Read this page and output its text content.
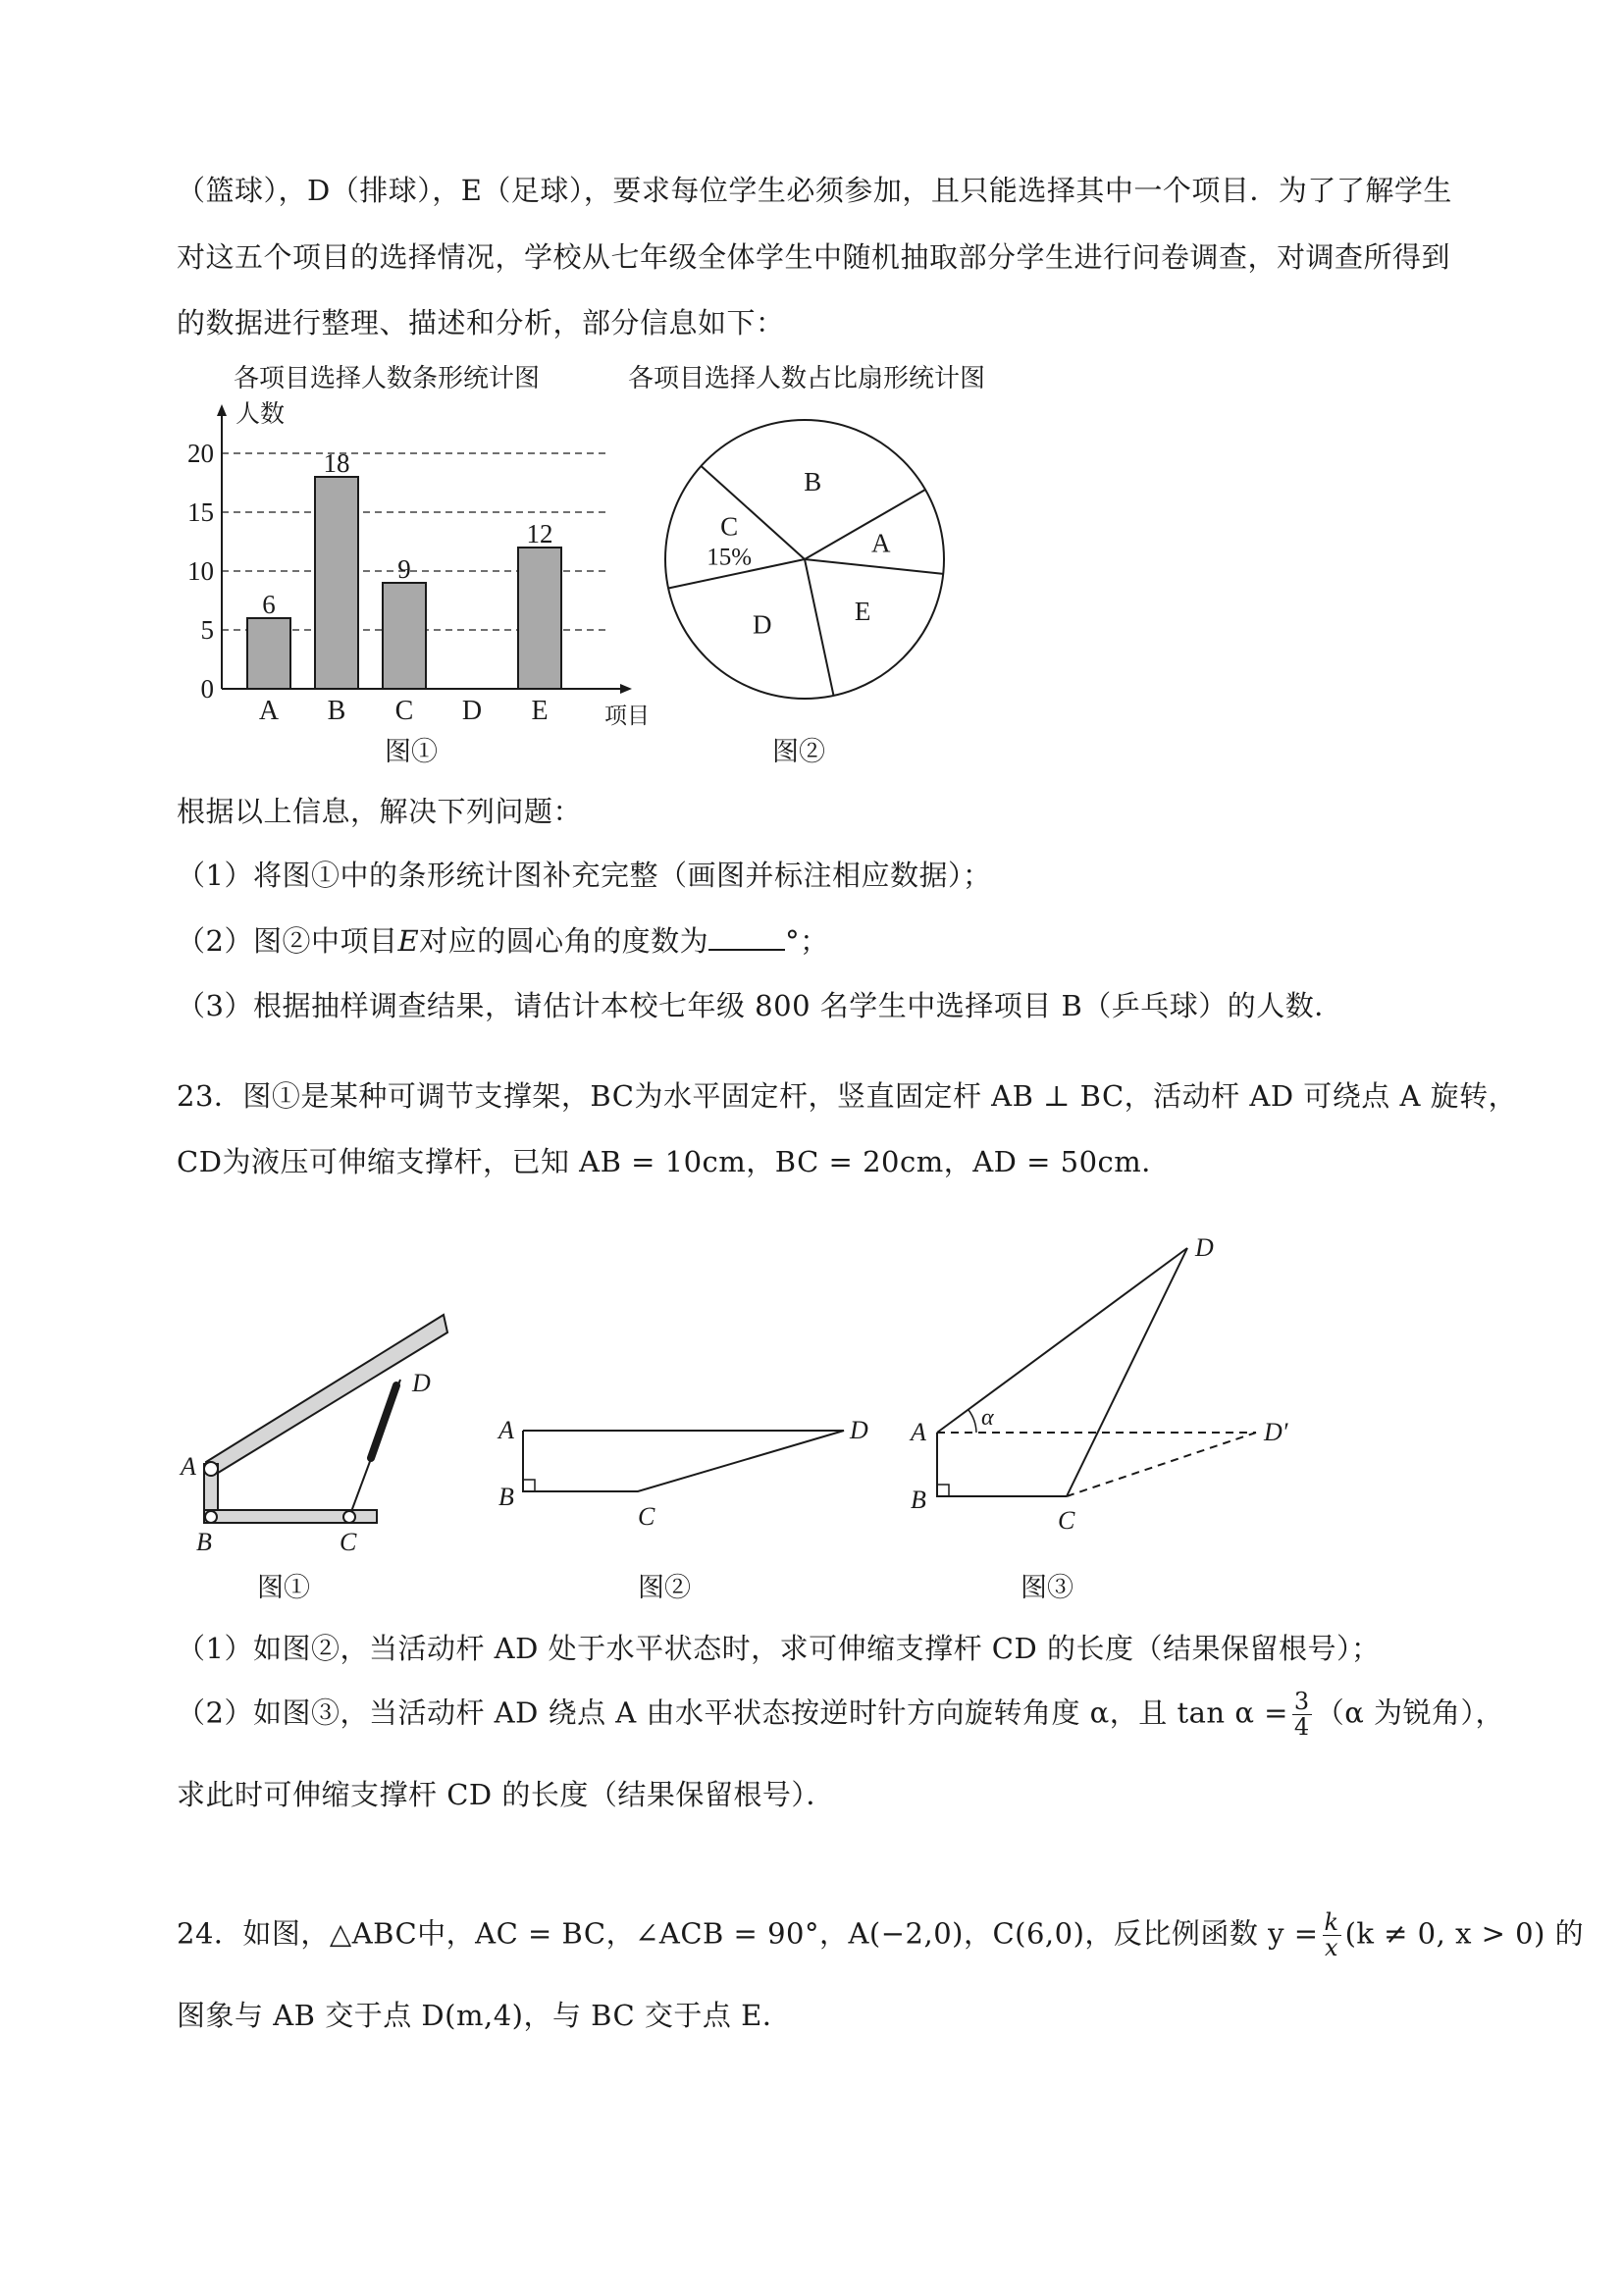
（篮球），D（排球），E（足球），要求每位学生必须参加，且只能选择其中一个项目．为了了解学生
对这五个项目的选择情况，学校从七年级全体学生中随机抽取部分学生进行问卷调查，对调查所得到
的数据进行整理、描述和分析，部分信息如下：
各项目选择人数条形统计图	各项目选择人数占比扇形统计图
人数
项目
0
5
10
15
20
A
6
B
18
C
9
D E
12
图①
A
B
C
15%
D	E
图②
根据以上信息，解决下列问题：
（1）将图①中的条形统计图补充完整（画图并标注相应数据）；
（2）图②中项目E对应的圆心角的度数为	°；
（3）根据抽样调查结果，请估计本校七年级 800 名学生中选择项目 B（乒乓球）的人数．
23．图①是某种可调节支撑架，BC为水平固定杆，竖直固定杆 AB ⊥ BC，活动杆 AD 可绕点 A 旋转，
CD为液压可伸缩支撑杆，已知 AB = 10cm，BC = 20cm，AD = 50cm．
A
B	C
D
图①
A
B
C
D
图②
α
A
B
C
D
D′
图③
（1）如图②，当活动杆 AD 处于水平状态时，求可伸缩支撑杆 CD 的长度（结果保留根号）；
（2）如图③，当活动杆 AD 绕点 A 由水平状态按逆时针方向旋转角度 α，且 $\tan \alpha = \frac{3}{4} (\alpha$ 为锐角），
求此时可伸缩支撑杆 CD 的长度（结果保留根号）．
24．如图，△ABC中，AC = BC，∠ACB = 90°，A(−2,0)，C(6,0)，反比例函数 $y = \frac{k}{x} (k \ne 0$, x > 0) 的
图象与 AB 交于点 D(m,4)，与 BC 交于点 E．
